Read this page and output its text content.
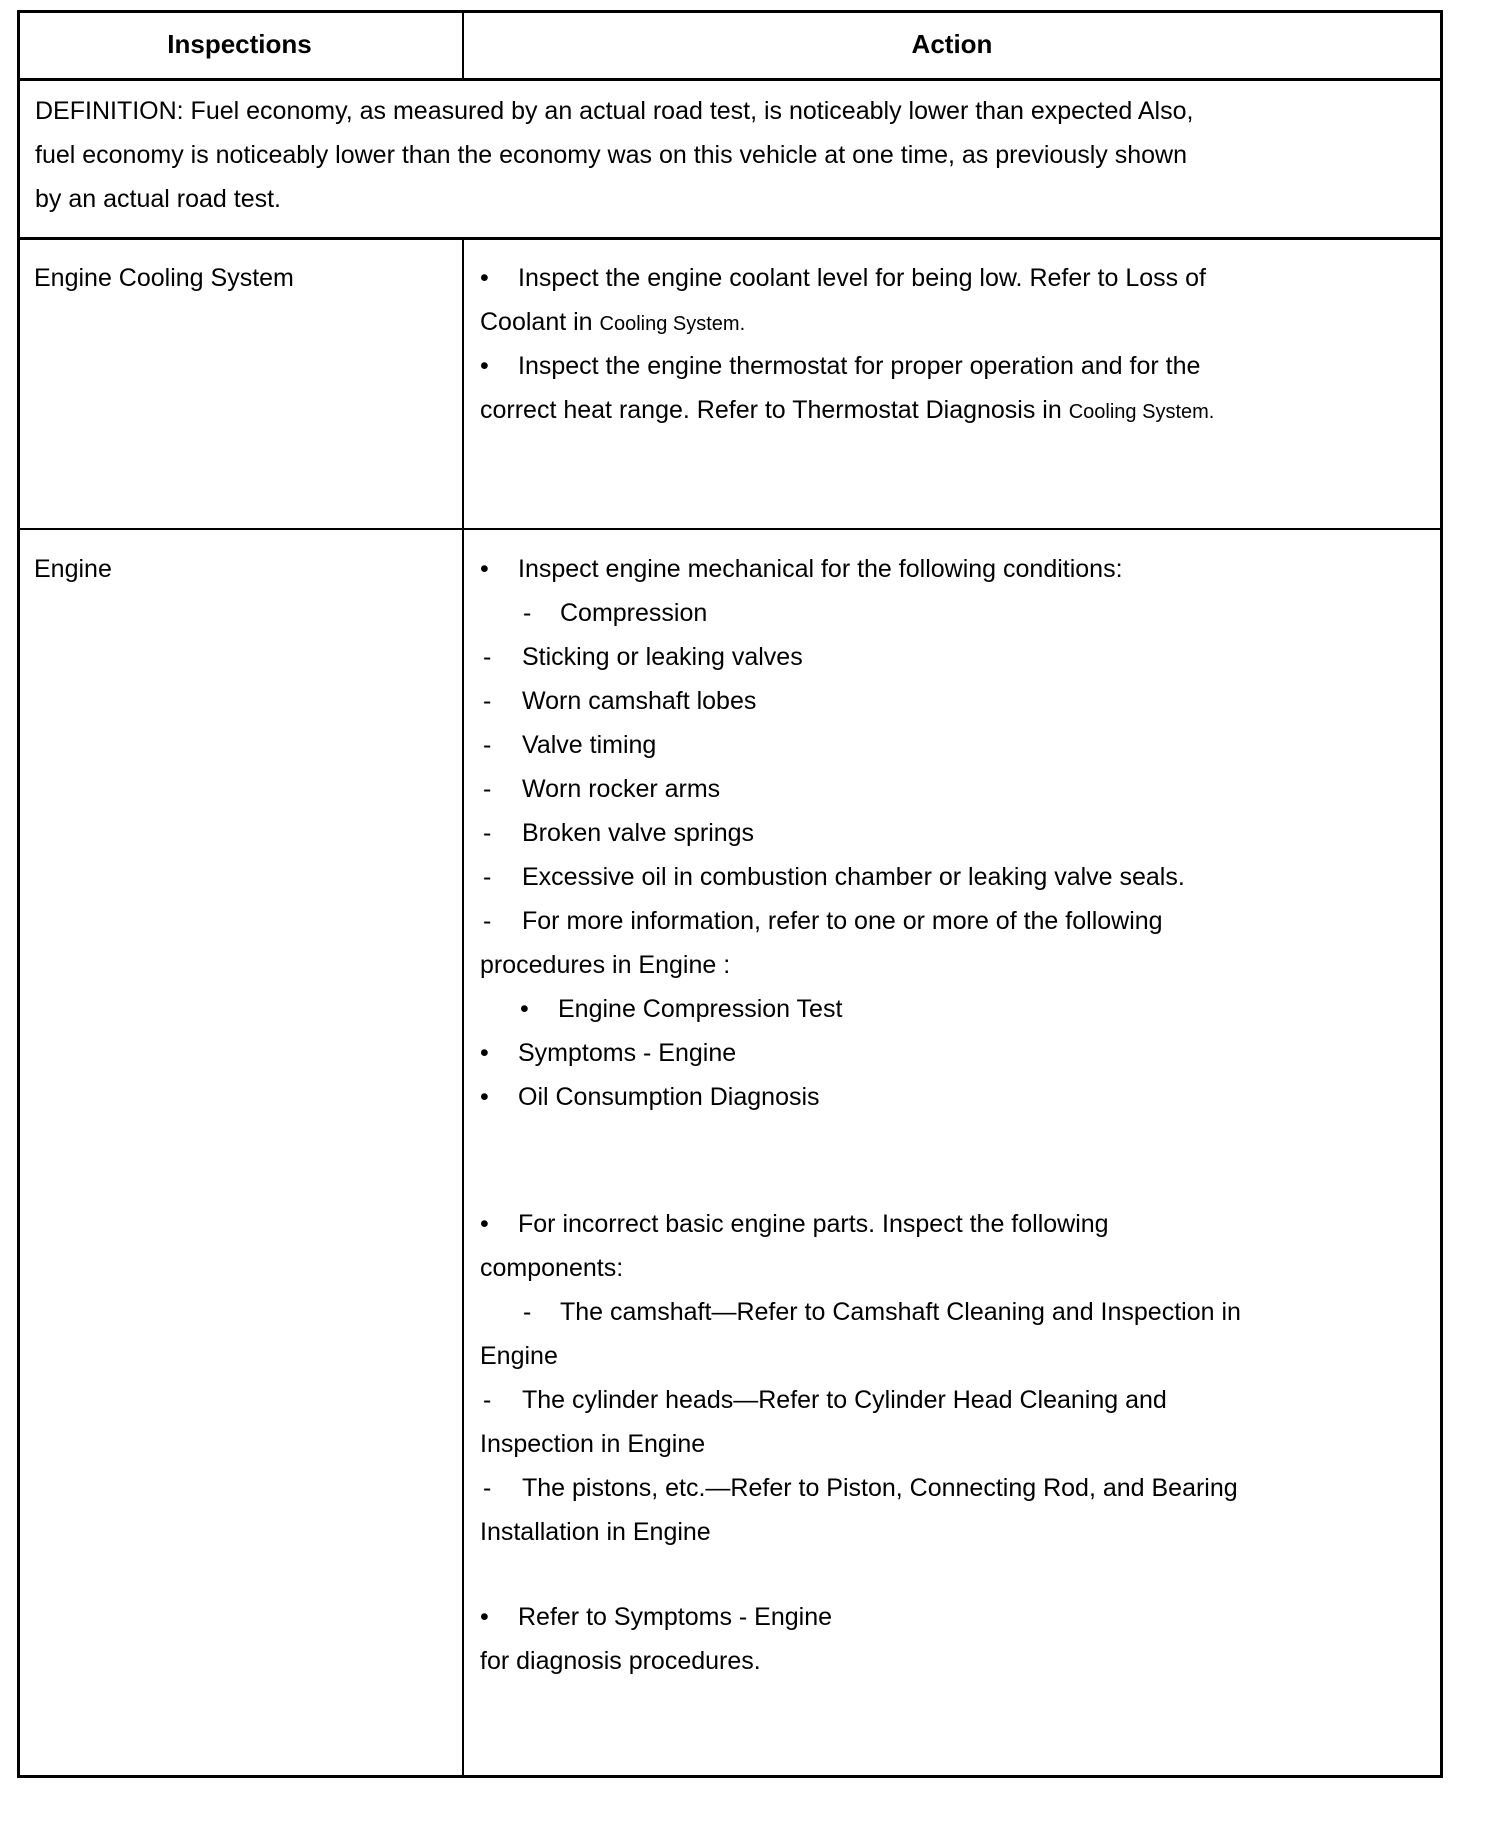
Inspections	Action
DEFINITION: Fuel economy, as measured by an actual road test, is noticeably lower than expected Also,
fuel economy is noticeably lower than the economy was on this vehicle at one time, as previously shown
by an actual road test.
Engine Cooling System	• Inspect the engine coolant level for being low. Refer to Loss of
Coolant in Cooling System.
• Inspect the engine thermostat for proper operation and for the
correct heat range. Refer to Thermostat Diagnosis in Cooling System.
Engine	• Inspect engine mechanical for the following conditions:
- Compression
- Sticking or leaking valves
- Worn camshaft lobes
- Valve timing
- Worn rocker arms
- Broken valve springs
- Excessive oil in combustion chamber or leaking valve seals.
- For more information, refer to one or more of the following
procedures in Engine :
• Engine Compression Test
• Symptoms - Engine
• Oil Consumption Diagnosis
• For incorrect basic engine parts. Inspect the following
components:
- The camshaft—Refer to Camshaft Cleaning and Inspection in
Engine
- The cylinder heads—Refer to Cylinder Head Cleaning and
Inspection in Engine
- The pistons, etc.—Refer to Piston, Connecting Rod, and Bearing
Installation in Engine
• Refer to Symptoms - Engine
for diagnosis procedures.
